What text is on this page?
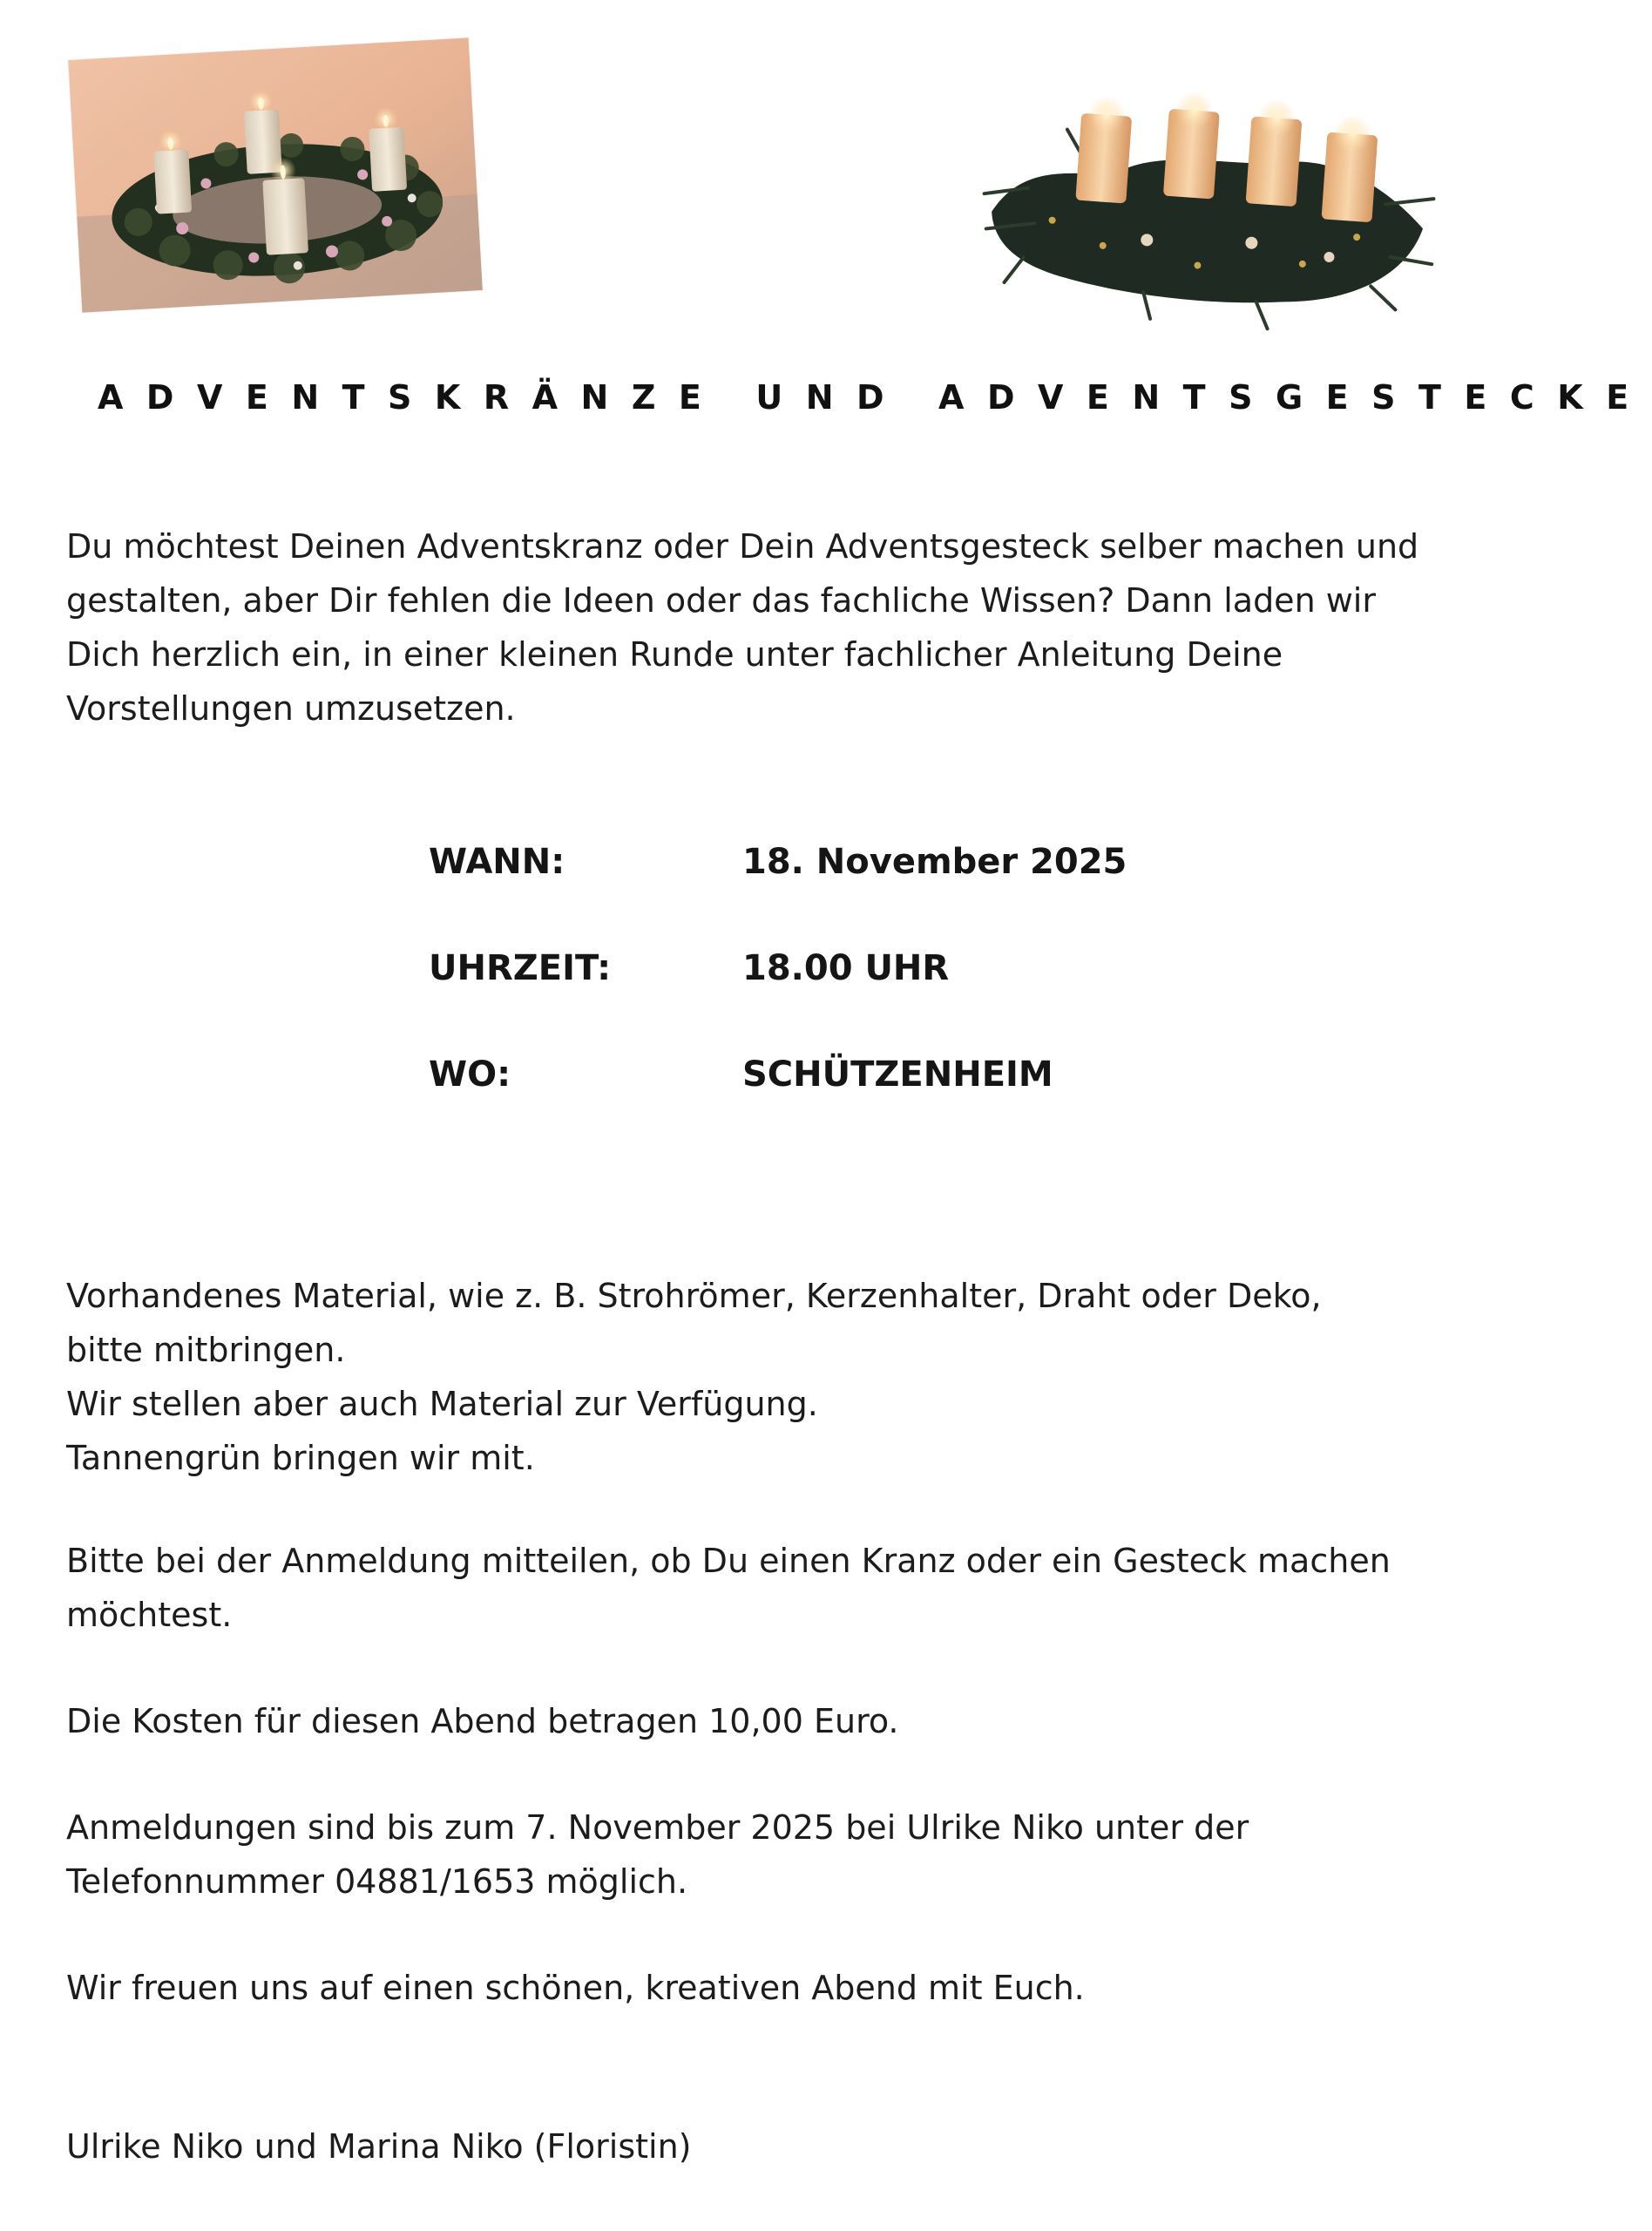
ADVENTSKRÄNZE UND ADVENTSGESTECKE

Du möchtest Deinen Adventskranz oder Dein Adventsgesteck selber machen und
gestalten, aber Dir fehlen die Ideen oder das fachliche Wissen? Dann laden wir
Dich herzlich ein, in einer kleinen Runde unter fachlicher Anleitung Deine
Vorstellungen umzusetzen.

WANN:	18. November 2025
UHRZEIT:	18.00 UHR
WO:	SCHÜTZENHEIM

Vorhandenes Material, wie z. B. Strohrömer, Kerzenhalter, Draht oder Deko,
bitte mitbringen.
Wir stellen aber auch Material zur Verfügung.
Tannengrün bringen wir mit.

Bitte bei der Anmeldung mitteilen, ob Du einen Kranz oder ein Gesteck machen
möchtest.

Die Kosten für diesen Abend betragen 10,00 Euro.

Anmeldungen sind bis zum 7. November 2025 bei Ulrike Niko unter der
Telefonnummer 04881/1653 möglich.

Wir freuen uns auf einen schönen, kreativen Abend mit Euch.

Ulrike Niko und Marina Niko (Floristin)
